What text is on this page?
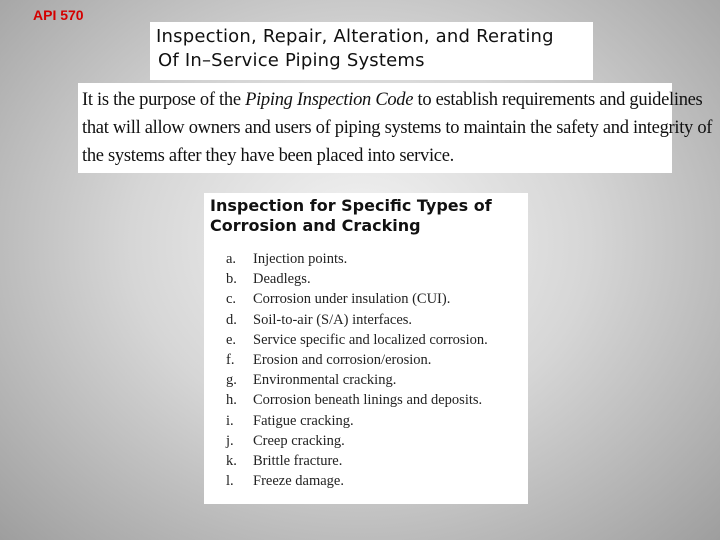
API 570
Inspection, Repair, Alteration, and Rerating
Of In–Service Piping Systems
It is the purpose of the Piping Inspection Code to establish requirements and guidelines
that will allow owners and users of piping systems to maintain the safety and integrity of
the systems after they have been placed into service.
Inspection for Specific Types of
Corrosion and Cracking
a. Injection points.
b. Deadlegs.
c. Corrosion under insulation (CUI).
d. Soil-to-air (S/A) interfaces.
e. Service specific and localized corrosion.
f. Erosion and corrosion/erosion.
g. Environmental cracking.
h. Corrosion beneath linings and deposits.
i. Fatigue cracking.
j. Creep cracking.
k. Brittle fracture.
l. Freeze damage.
